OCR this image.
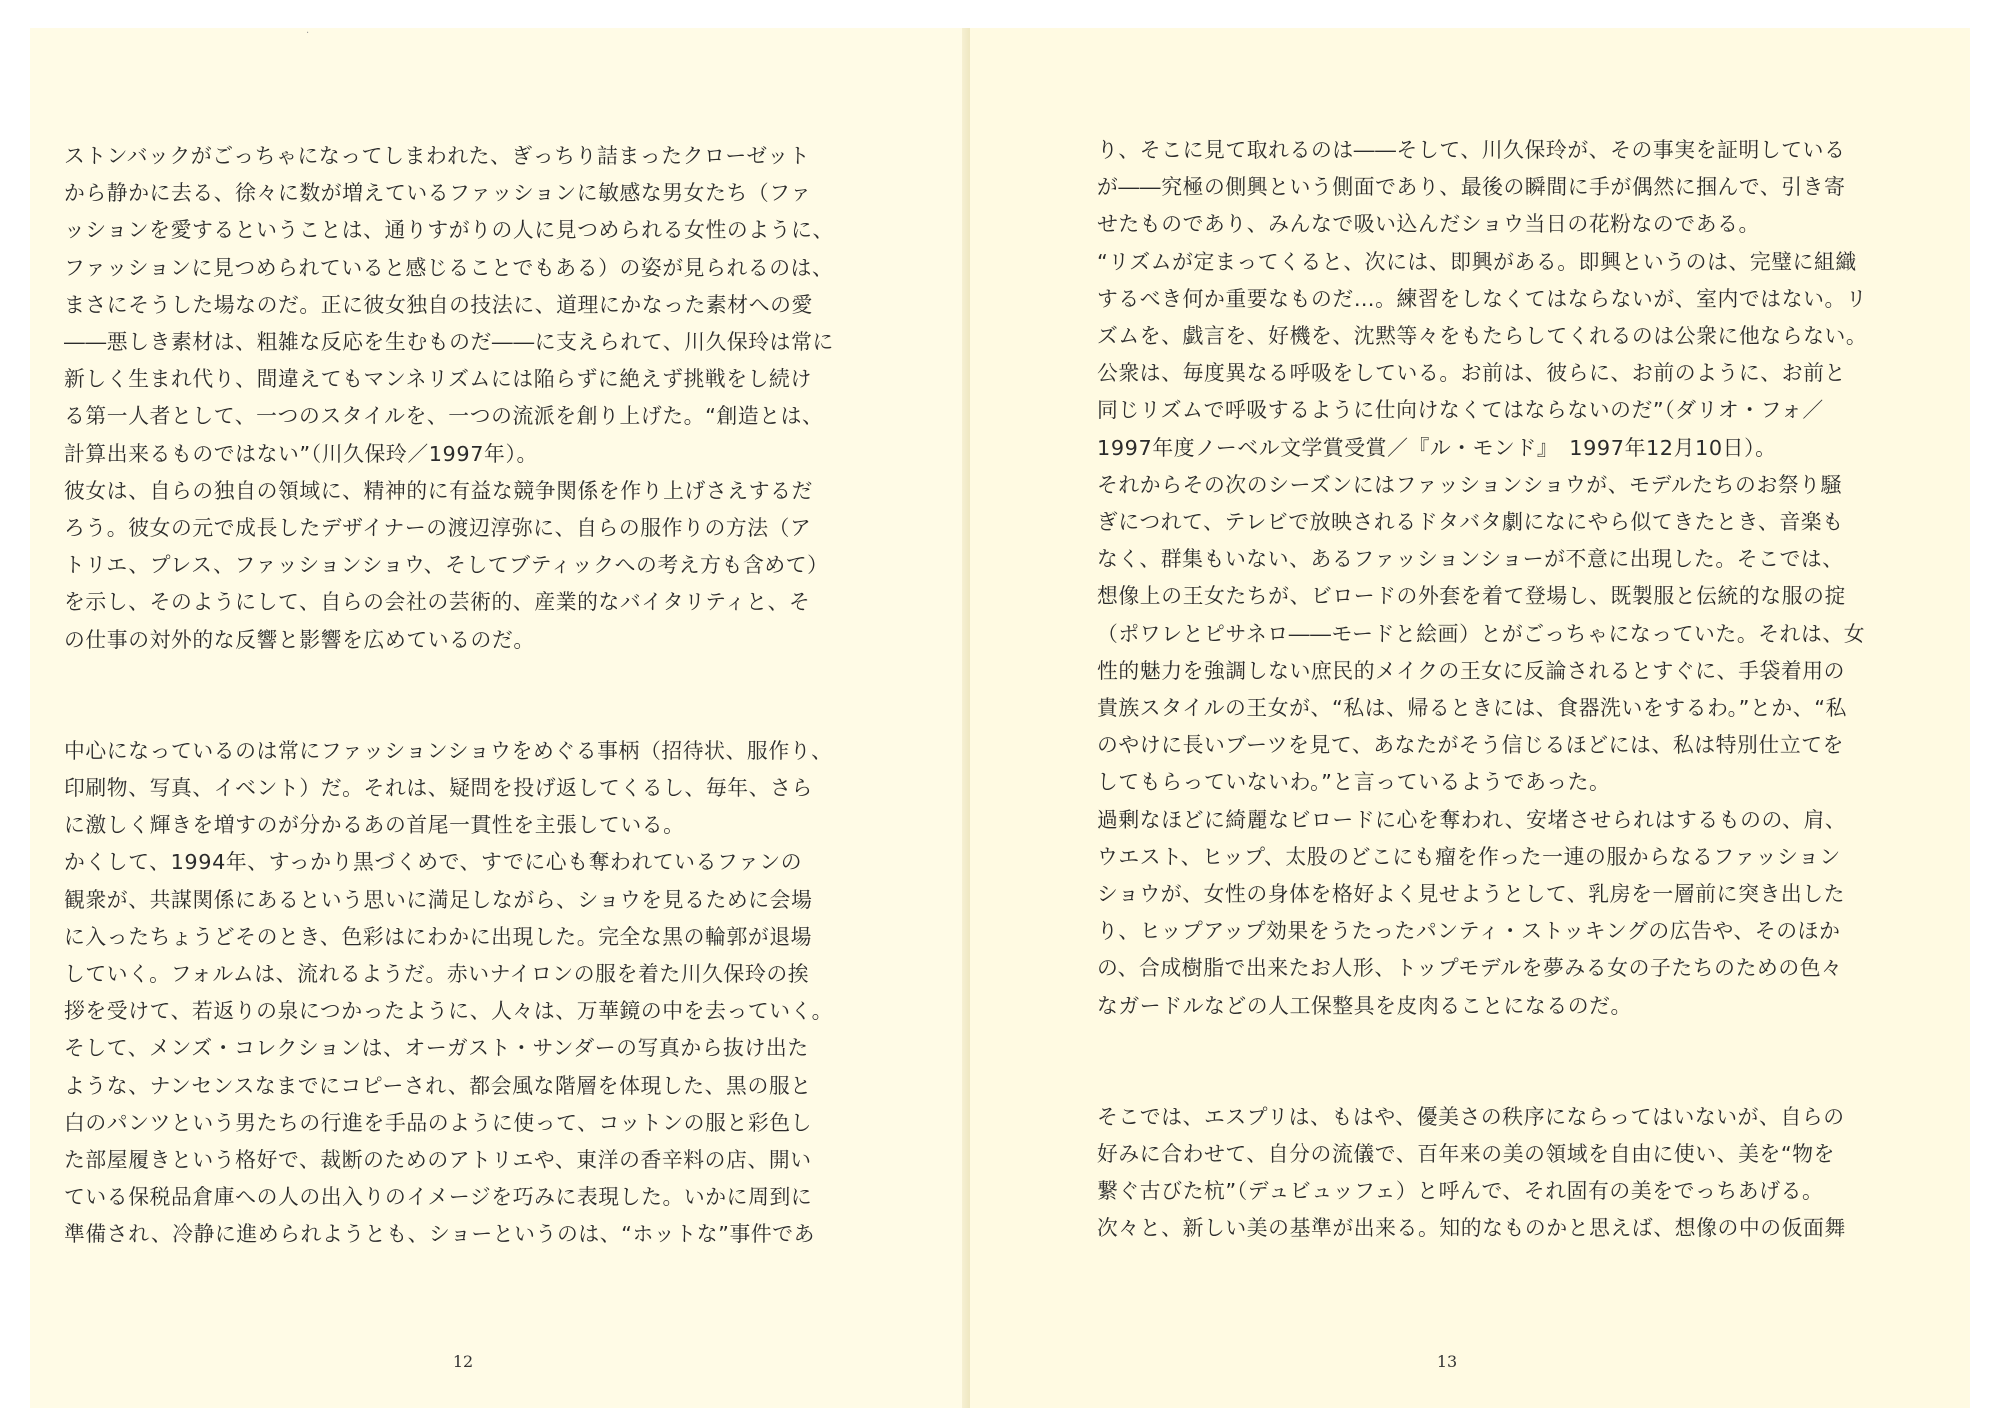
·

ストンバックがごっちゃになってしまわれた、ぎっちり詰まったクローゼット

から静かに去る、徐々に数が増えているファッションに敏感な男女たち（ファ

ッションを愛するということは、通りすがりの人に見つめられる女性のように、

ファッションに見つめられていると感じることでもある）の姿が見られるのは、

まさにそうした場なのだ。正に彼女独自の技法に、道理にかなった素材への愛

――悪しき素材は、粗雑な反応を生むものだ――に支えられて、川久保玲は常に

新しく生まれ代り、間違えてもマンネリズムには陥らずに絶えず挑戦をし続け

る第一人者として、一つのスタイルを、一つの流派を創り上げた。“創造とは、

計算出来るものではない”（川久保玲／1997年）。

彼女は、自らの独自の領域に、精神的に有益な競争関係を作り上げさえするだ

ろう。彼女の元で成長したデザイナーの渡辺淳弥に、自らの服作りの方法（ア

トリエ、プレス、ファッションショウ、そしてブティックへの考え方も含めて）

を示し、そのようにして、自らの会社の芸術的、産業的なバイタリティと、そ

の仕事の対外的な反響と影響を広めているのだ。

中心になっているのは常にファッションショウをめぐる事柄（招待状、服作り、

印刷物、写真、イベント）だ。それは、疑問を投げ返してくるし、毎年、さら

に激しく輝きを増すのが分かるあの首尾一貫性を主張している。

かくして、1994年、すっかり黒づくめで、すでに心も奪われているファンの

観衆が、共謀関係にあるという思いに満足しながら、ショウを見るために会場

に入ったちょうどそのとき、色彩はにわかに出現した。完全な黒の輪郭が退場

していく。フォルムは、流れるようだ。赤いナイロンの服を着た川久保玲の挨

拶を受けて、若返りの泉につかったように、人々は、万華鏡の中を去っていく。

そして、メンズ・コレクションは、オーガスト・サンダーの写真から抜け出た

ような、ナンセンスなまでにコピーされ、都会風な階層を体現した、黒の服と

白のパンツという男たちの行進を手品のように使って、コットンの服と彩色し

た部屋履きという格好で、裁断のためのアトリエや、東洋の香辛料の店、開い

ている保税品倉庫への人の出入りのイメージを巧みに表現した。いかに周到に

準備され、冷静に進められようとも、ショーというのは、“ホットな”事件であ

12

り、そこに見て取れるのは――そして、川久保玲が、その事実を証明している

が――究極の側興という側面であり、最後の瞬間に手が偶然に掴んで、引き寄

せたものであり、みんなで吸い込んだショウ当日の花粉なのである。

“リズムが定まってくると、次には、即興がある。即興というのは、完璧に組織

するべき何か重要なものだ…。練習をしなくてはならないが、室内ではない。リ

ズムを、戯言を、好機を、沈黙等々をもたらしてくれるのは公衆に他ならない。

公衆は、毎度異なる呼吸をしている。お前は、彼らに、お前のように、お前と

同じリズムで呼吸するように仕向けなくてはならないのだ”（ダリオ・フォ／

1997年度ノーベル文学賞受賞／『ル・モンド』　1997年12月10日）。

それからその次のシーズンにはファッションショウが、モデルたちのお祭り騒

ぎにつれて、テレビで放映されるドタバタ劇になにやら似てきたとき、音楽も

なく、群集もいない、あるファッションショーが不意に出現した。そこでは、

想像上の王女たちが、ビロードの外套を着て登場し、既製服と伝統的な服の掟

（ポワレとピサネロ――モードと絵画）とがごっちゃになっていた。それは、女

性的魅力を強調しない庶民的メイクの王女に反論されるとすぐに、手袋着用の

貴族スタイルの王女が、“私は、帰るときには、食器洗いをするわ。”とか、“私

のやけに長いブーツを見て、あなたがそう信じるほどには、私は特別仕立てを

してもらっていないわ。”と言っているようであった。

過剰なほどに綺麗なビロードに心を奪われ、安堵させられはするものの、肩、

ウエスト、ヒップ、太股のどこにも瘤を作った一連の服からなるファッション

ショウが、女性の身体を格好よく見せようとして、乳房を一層前に突き出した

り、ヒップアップ効果をうたったパンティ・ストッキングの広告や、そのほか

の、合成樹脂で出来たお人形、トップモデルを夢みる女の子たちのための色々

なガードルなどの人工保整具を皮肉ることになるのだ。

そこでは、エスプリは、もはや、優美さの秩序にならってはいないが、自らの

好みに合わせて、自分の流儀で、百年来の美の領域を自由に使い、美を“物を

繋ぐ古びた杭”（デュビュッフェ）と呼んで、それ固有の美をでっちあげる。

次々と、新しい美の基準が出来る。知的なものかと思えば、想像の中の仮面舞

13
